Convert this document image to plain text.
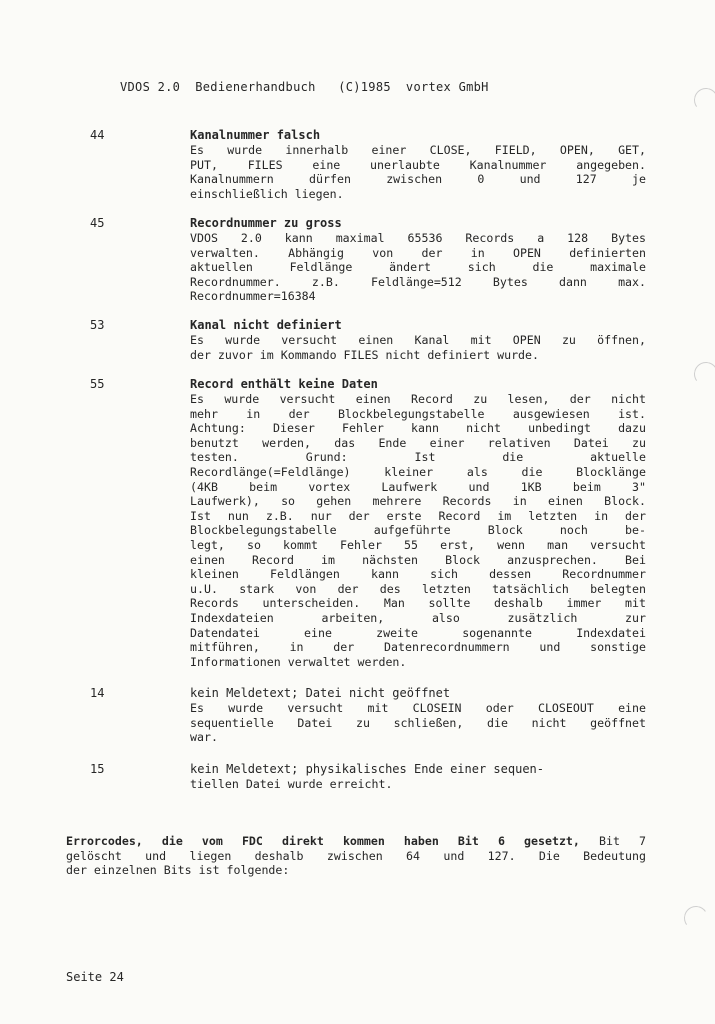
VDOS 2.0  Bedienerhandbuch   (C)1985  vortex GmbH
44	Kanalnummer falsch
Es wurde innerhalb einer CLOSE, FIELD, OPEN, GET,
PUT, FILES eine unerlaubte Kanalnummer angegeben.
Kanalnummern dürfen zwischen 0 und 127 je
einschließlich liegen.
45	Recordnummer zu gross
VDOS 2.0 kann maximal 65536 Records a 128 Bytes
verwalten. Abhängig von der in OPEN definierten
aktuellen Feldlänge ändert sich die maximale
Recordnummer. z.B. Feldlänge=512 Bytes dann max.
Recordnummer=16384
53	Kanal nicht definiert
Es wurde versucht einen Kanal mit OPEN zu öffnen,
der zuvor im Kommando FILES nicht definiert wurde.
55	Record enthält keine Daten
Es wurde versucht einen Record zu lesen, der nicht
mehr in der Blockbelegungstabelle ausgewiesen ist.
Achtung: Dieser Fehler kann nicht unbedingt dazu
benutzt werden, das Ende einer relativen Datei zu
testen. Grund: Ist die aktuelle
Recordlänge(=Feldlänge) kleiner als die Blocklänge
(4KB beim vortex Laufwerk und 1KB beim 3"
Laufwerk), so gehen mehrere Records in einen Block.
Ist nun z.B. nur der erste Record im letzten in der
Blockbelegungstabelle aufgeführte Block noch be-
legt, so kommt Fehler 55 erst, wenn man versucht
einen Record im nächsten Block anzusprechen. Bei
kleinen Feldlängen kann sich dessen Recordnummer
u.U. stark von der des letzten tatsächlich belegten
Records unterscheiden. Man sollte deshalb immer mit
Indexdateien arbeiten, also zusätzlich zur
Datendatei eine zweite sogenannte Indexdatei
mitführen, in der Datenrecordnummern und sonstige
Informationen verwaltet werden.
14	kein Meldetext; Datei nicht geöffnet
Es wurde versucht mit CLOSEIN oder CLOSEOUT eine
sequentielle Datei zu schließen, die nicht geöffnet
war.
15	kein Meldetext; physikalisches Ende einer sequen-
tiellen Datei wurde erreicht.
Errorcodes, die vom FDC direkt kommen haben Bit 6 gesetzt, Bit 7
gelöscht und liegen deshalb zwischen 64 und 127. Die Bedeutung
der einzelnen Bits ist folgende:
Seite 24
